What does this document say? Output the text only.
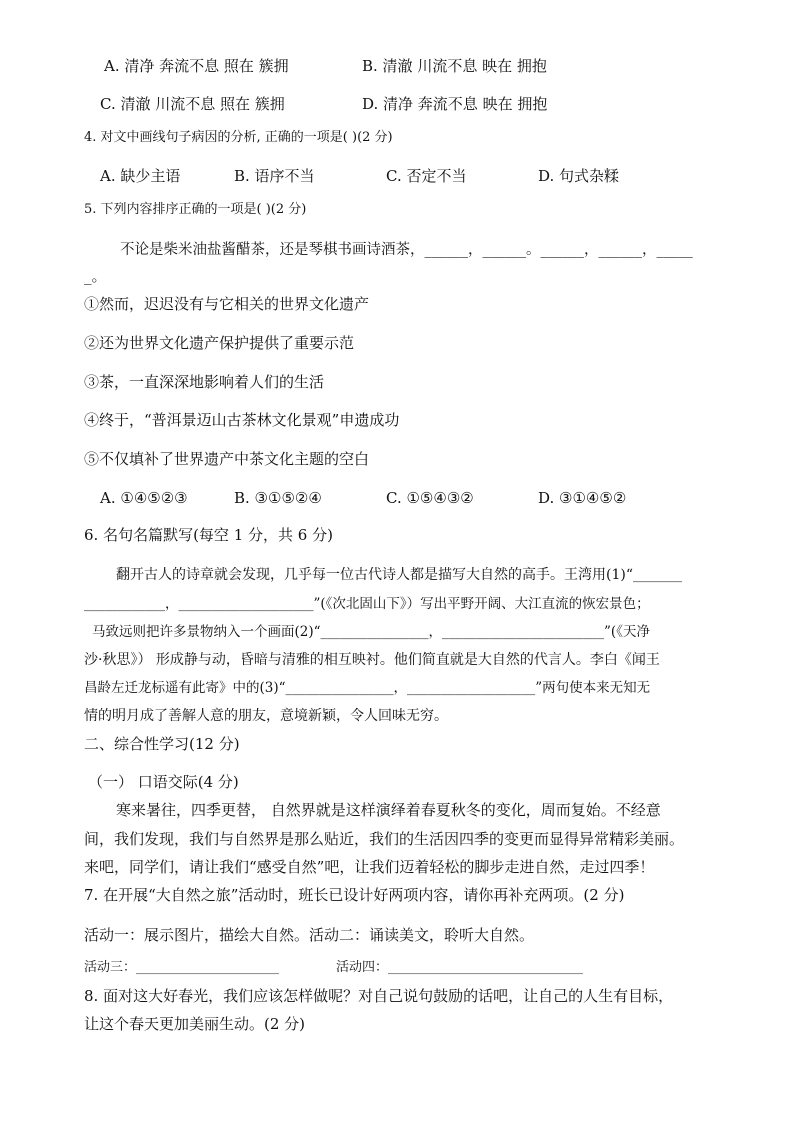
A. 清净 奔流不息 照在 簇拥	B. 清澈 川流不息 映在 拥抱
C. 清澈 川流不息 照在 簇拥	D. 清净 奔流不息 映在 拥抱
4. 对文中画线句子病因的分析, 正确的一项是( )(2 分)
A. 缺少主语	B. 语序不当	C. 否定不当	D. 句式杂糅
5. 下列内容排序正确的一项是( )(2 分)
不论是柴米油盐酱醋茶，还是琴棋书画诗酒茶，______，______。______，______，_____
_。
①然而，迟迟没有与它相关的世界文化遗产
②还为世界文化遗产保护提供了重要示范
③茶，一直深深地影响着人们的生活
④终于，“普洱景迈山古茶林文化景观”申遗成功
⑤不仅填补了世界遗产中茶文化主题的空白
A. ①④⑤②③	B. ③①⑤②④	C. ①⑤④③②	D. ③①④⑤②
6. 名句名篇默写(每空 1 分，共 6 分)
翻开古人的诗章就会发现，几乎每一位古代诗人都是描写大自然的高手。王湾用(1)“_______
____________，____________________”(《次北固山下》）写出平野开阔、大江直流的恢宏景色；
马致远则把许多景物纳入一个画面(2)“________________，________________________”(《天净
沙·秋思》） 形成静与动，昏暗与清雅的相互映衬。他们简直就是大自然的代言人。李白《闻王
昌龄左迁龙标遥有此寄》中的(3)“________________，___________________”两句使本来无知无
情的明月成了善解人意的朋友，意境新颖，令人回味无穷。
二、综合性学习(12 分)
（一） 口语交际(4 分)
寒来暑往，四季更替， 自然界就是这样演绎着春夏秋冬的变化，周而复始。不经意
间，我们发现，我们与自然界是那么贴近，我们的生活因四季的变更而显得异常精彩美丽。
来吧，同学们，请让我们“感受自然”吧，让我们迈着轻松的脚步走进自然，走过四季！
7. 在开展“大自然之旅”活动时，班长已设计好两项内容，请你再补充两项。(2 分)
活动一：展示图片，描绘大自然。活动二：诵读美文，聆听大自然。
活动三：______________________	活动四：______________________________
8. 面对这大好春光，我们应该怎样做呢？对自己说句鼓励的话吧，让自己的人生有目标，
让这个春天更加美丽生动。(2 分)
